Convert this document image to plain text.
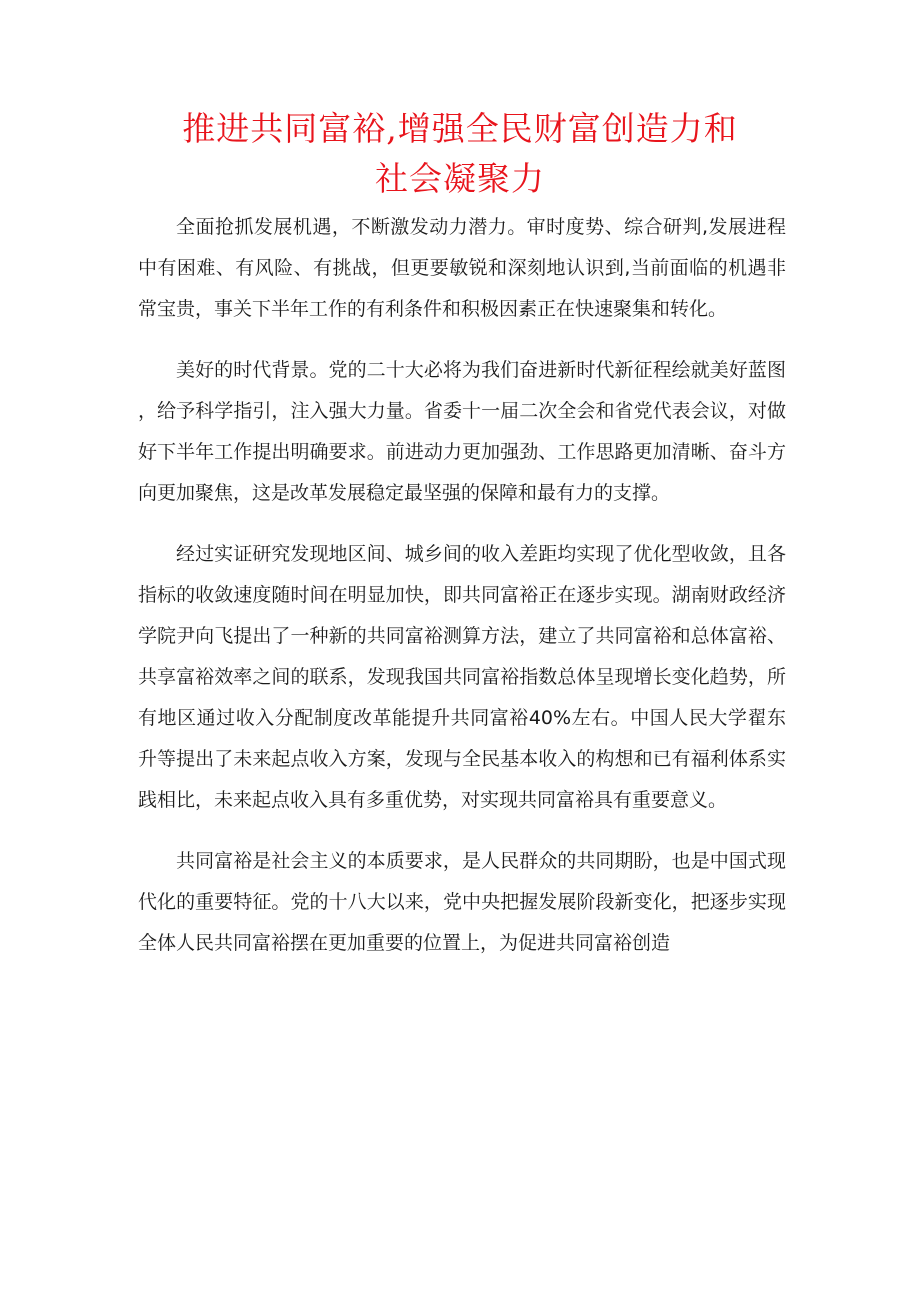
推进共同富裕,增强全民财富创造力和
社会凝聚力

全面抢抓发展机遇，不断激发动力潜力。审时度势、综合研判,发展进程中有困难、有风险、有挑战，但更要敏锐和深刻地认识到,当前面临的机遇非常宝贵，事关下半年工作的有利条件和积极因素正在快速聚集和转化。

美好的时代背景。党的二十大必将为我们奋进新时代新征程绘就美好蓝图，给予科学指引，注入强大力量。省委十一届二次全会和省党代表会议，对做好下半年工作提出明确要求。前进动力更加强劲、工作思路更加清晰、奋斗方向更加聚焦，这是改革发展稳定最坚强的保障和最有力的支撑。

经过实证研究发现地区间、城乡间的收入差距均实现了优化型收敛，且各指标的收敛速度随时间在明显加快，即共同富裕正在逐步实现。湖南财政经济学院尹向飞提出了一种新的共同富裕测算方法，建立了共同富裕和总体富裕、共享富裕效率之间的联系，发现我国共同富裕指数总体呈现增长变化趋势，所有地区通过收入分配制度改革能提升共同富裕40%左右。中国人民大学翟东升等提出了未来起点收入方案，发现与全民基本收入的构想和已有福利体系实践相比，未来起点收入具有多重优势，对实现共同富裕具有重要意义。

共同富裕是社会主义的本质要求，是人民群众的共同期盼，也是中国式现代化的重要特征。党的十八大以来，党中央把握发展阶段新变化，把逐步实现全体人民共同富裕摆在更加重要的位置上，为促进共同富裕创造
